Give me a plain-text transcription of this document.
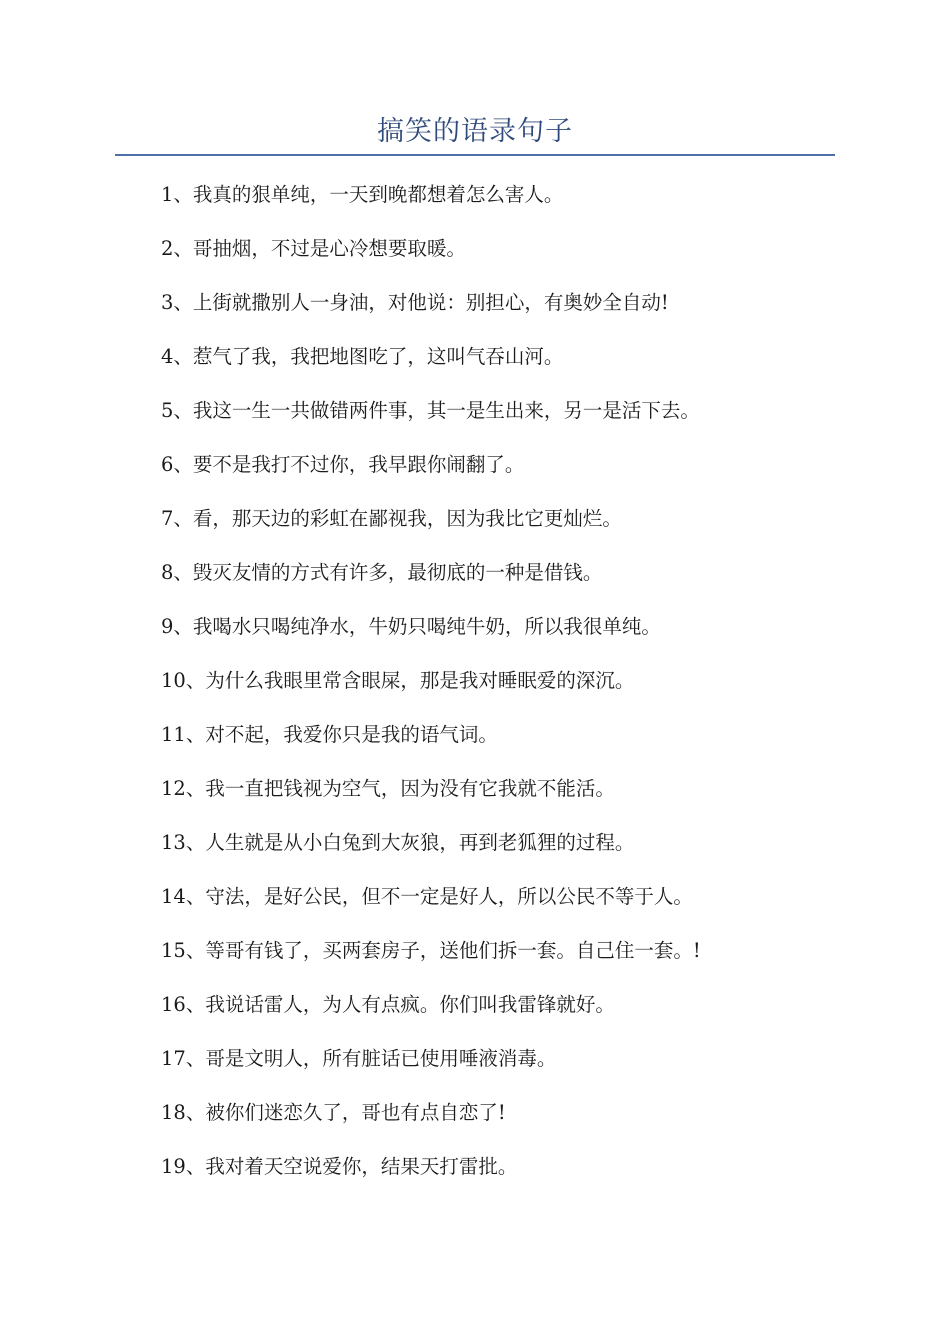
搞笑的语录句子
1、我真的狠单纯，一天到晚都想着怎么害人。
2、哥抽烟，不过是心冷想要取暖。
3、上街就撒别人一身油，对他说：别担心，有奥妙全自动!
4、惹气了我，我把地图吃了，这叫气吞山河。
5、我这一生一共做错两件事，其一是生出来，另一是活下去。
6、要不是我打不过你，我早跟你闹翻了。
7、看，那天边的彩虹在鄙视我，因为我比它更灿烂。
8、毁灭友情的方式有许多，最彻底的一种是借钱。
9、我喝水只喝纯净水，牛奶只喝纯牛奶，所以我很单纯。
10、为什么我眼里常含眼屎，那是我对睡眠爱的深沉。
11、对不起，我爱你只是我的语气词。
12、我一直把钱视为空气，因为没有它我就不能活。
13、人生就是从小白兔到大灰狼，再到老狐狸的过程。
14、守法，是好公民，但不一定是好人，所以公民不等于人。
15、等哥有钱了，买两套房子，送他们拆一套。自己住一套。!
16、我说话雷人，为人有点疯。你们叫我雷锋就好。
17、哥是文明人，所有脏话已使用唾液消毒。
18、被你们迷恋久了，哥也有点自恋了!
19、我对着天空说爱你，结果天打雷批。
